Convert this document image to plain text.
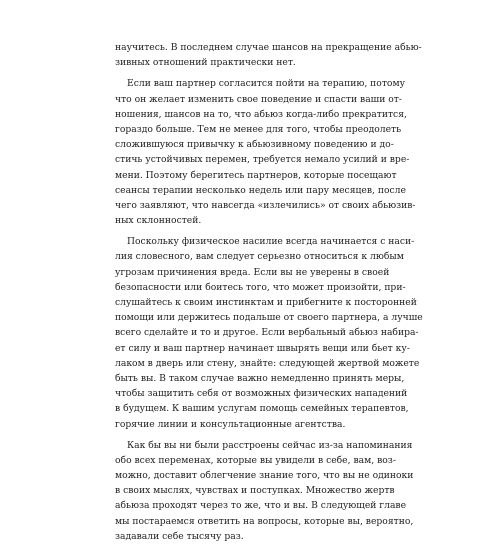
научитесь. В последнем случае шансов на прекращение абью-
зивных отношений практически нет.
Если ваш партнер согласится пойти на терапию, потому
что он желает изменить свое поведение и спасти ваши от-
ношения, шансов на то, что абьюз когда-либо прекратится,
гораздо больше. Тем не менее для того, чтобы преодолеть
сложившуюся привычку к абьюзивному поведению и до-
стичь устойчивых перемен, требуется немало усилий и вре-
мени. Поэтому берегитесь партнеров, которые посещают
сеансы терапии несколько недель или пару месяцев, после
чего заявляют, что навсегда «излечились» от своих абьюзив-
ных склонностей.
Поскольку физическое насилие всегда начинается с наси-
лия словесного, вам следует серьезно относиться к любым
угрозам причинения вреда. Если вы не уверены в своей
безопасности или боитесь того, что может произойти, при-
слушайтесь к своим инстинктам и прибегните к посторонней
помощи или держитесь подальше от своего партнера, а лучше
всего сделайте и то и другое. Если вербальный абьюз набира-
ет силу и ваш партнер начинает швырять вещи или бьет ку-
лаком в дверь или стену, знайте: следующей жертвой можете
быть вы. В таком случае важно немедленно принять меры,
чтобы защитить себя от возможных физических нападений
в будущем. К вашим услугам помощь семейных терапевтов,
горячие линии и консультационные агентства.
Как бы вы ни были расстроены сейчас из-за напоминания
обо всех переменах, которые вы увидели в себе, вам, воз-
можно, доставит облегчение знание того, что вы не одиноки
в своих мыслях, чувствах и поступках. Множество жертв
абьюза проходят через то же, что и вы. В следующей главе
мы постараемся ответить на вопросы, которые вы, вероятно,
задавали себе тысячу раз.
